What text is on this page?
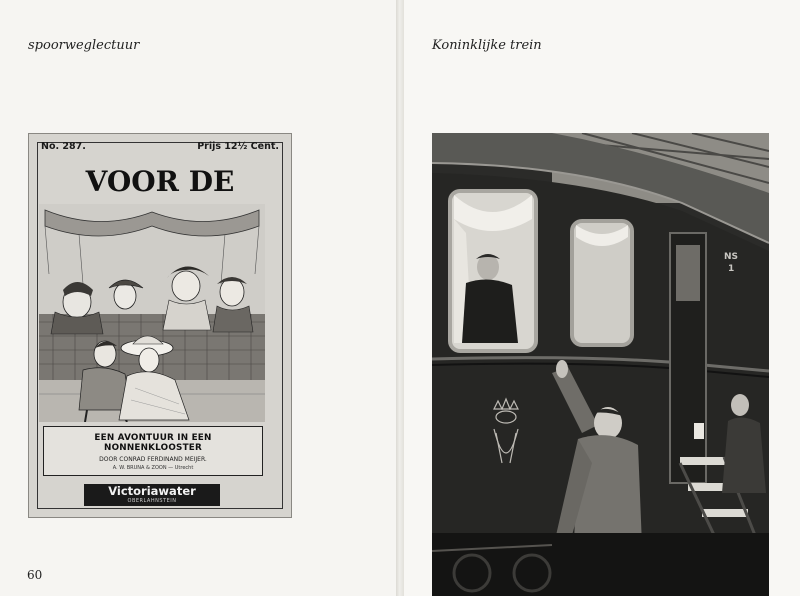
spoorweglectuur

No. 287.	Prijs 12½ Cent.
VOOR DE
EEN AVONTUUR IN EEN NONNENKLOOSTER
DOOR CONRAD FERDINAND MEIJER.
A. W. BRUNA & ZOON — Utrecht
Victoriawater
OBERLAHNSTEIN
60

Koninklijke trein

NS
1
